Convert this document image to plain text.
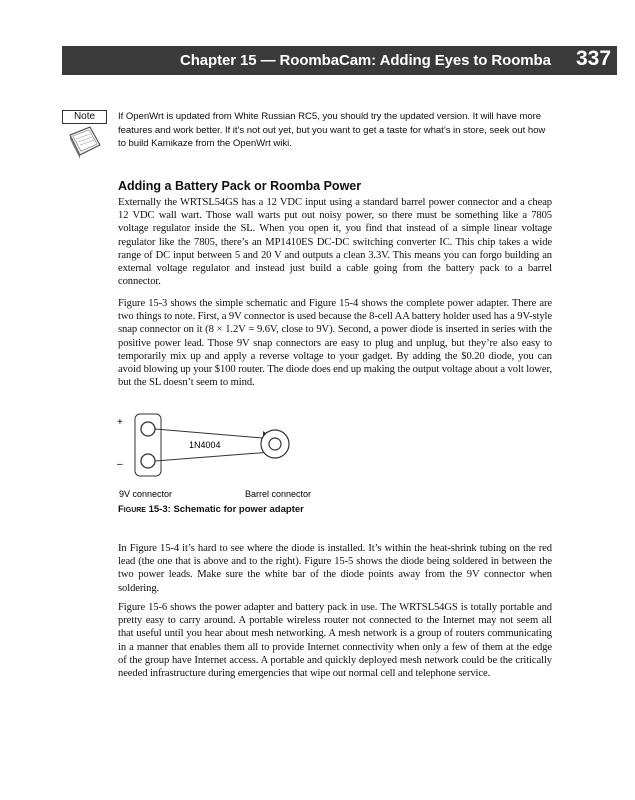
Chapter 15 — RoombaCam: Adding Eyes to Roomba 337
Note	If OpenWrt is updated from White Russian RC5, you should try the updated version. It will have more features and work better. If it’s not out yet, but you want to get a taste for what’s in store, seek out how to build Kamikaze from the OpenWrt wiki.

Adding a Battery Pack or Roomba Power

Externally the WRTSL54GS has a 12 VDC input using a standard barrel power connector and a cheap 12 VDC wall wart. Those wall warts put out noisy power, so there must be something like a 7805 voltage regulator inside the SL. When you open it, you find that instead of a simple linear voltage regulator like the 7805, there’s an MP1410ES DC-DC switching converter IC. This chip takes a wide range of DC input between 5 and 20 V and outputs a clean 3.3V. This means you can forgo building an external voltage regulator and instead just build a cable going from the battery pack to a barrel connector.

Figure 15-3 shows the simple schematic and Figure 15-4 shows the complete power adapter. There are two things to note. First, a 9V connector is used because the 8-cell AA battery holder used has a 9V-style snap connector on it (8 × 1.2V = 9.6V, close to 9V). Second, a power diode is inserted in series with the positive power lead. Those 9V snap connectors are easy to plug and unplug, but they’re also easy to temporarily mix up and apply a reverse voltage to your gadget. By adding the $0.20 diode, you can avoid blowing up your $100 router. The diode does end up making the output voltage about a volt lower, but the SL doesn’t seem to mind.

+
–
1N4004
9V connector	Barrel connector

Figure 15-3: Schematic for power adapter

In Figure 15-4 it’s hard to see where the diode is installed. It’s within the heat-shrink tubing on the red lead (the one that is above and to the right). Figure 15-5 shows the diode being soldered in between the two power leads. Make sure the white bar of the diode points away from the 9V connector when soldering.

Figure 15-6 shows the power adapter and battery pack in use. The WRTSL54GS is totally portable and pretty easy to carry around. A portable wireless router not connected to the Internet may not seem all that useful until you hear about mesh networking. A mesh network is a group of routers communicating in a manner that enables them all to provide Internet connectivity when only a few of them at the edge of the group have Internet access. A portable and quickly deployed mesh network could be the critically needed infrastructure during emergencies that wipe out normal cell and telephone service.
